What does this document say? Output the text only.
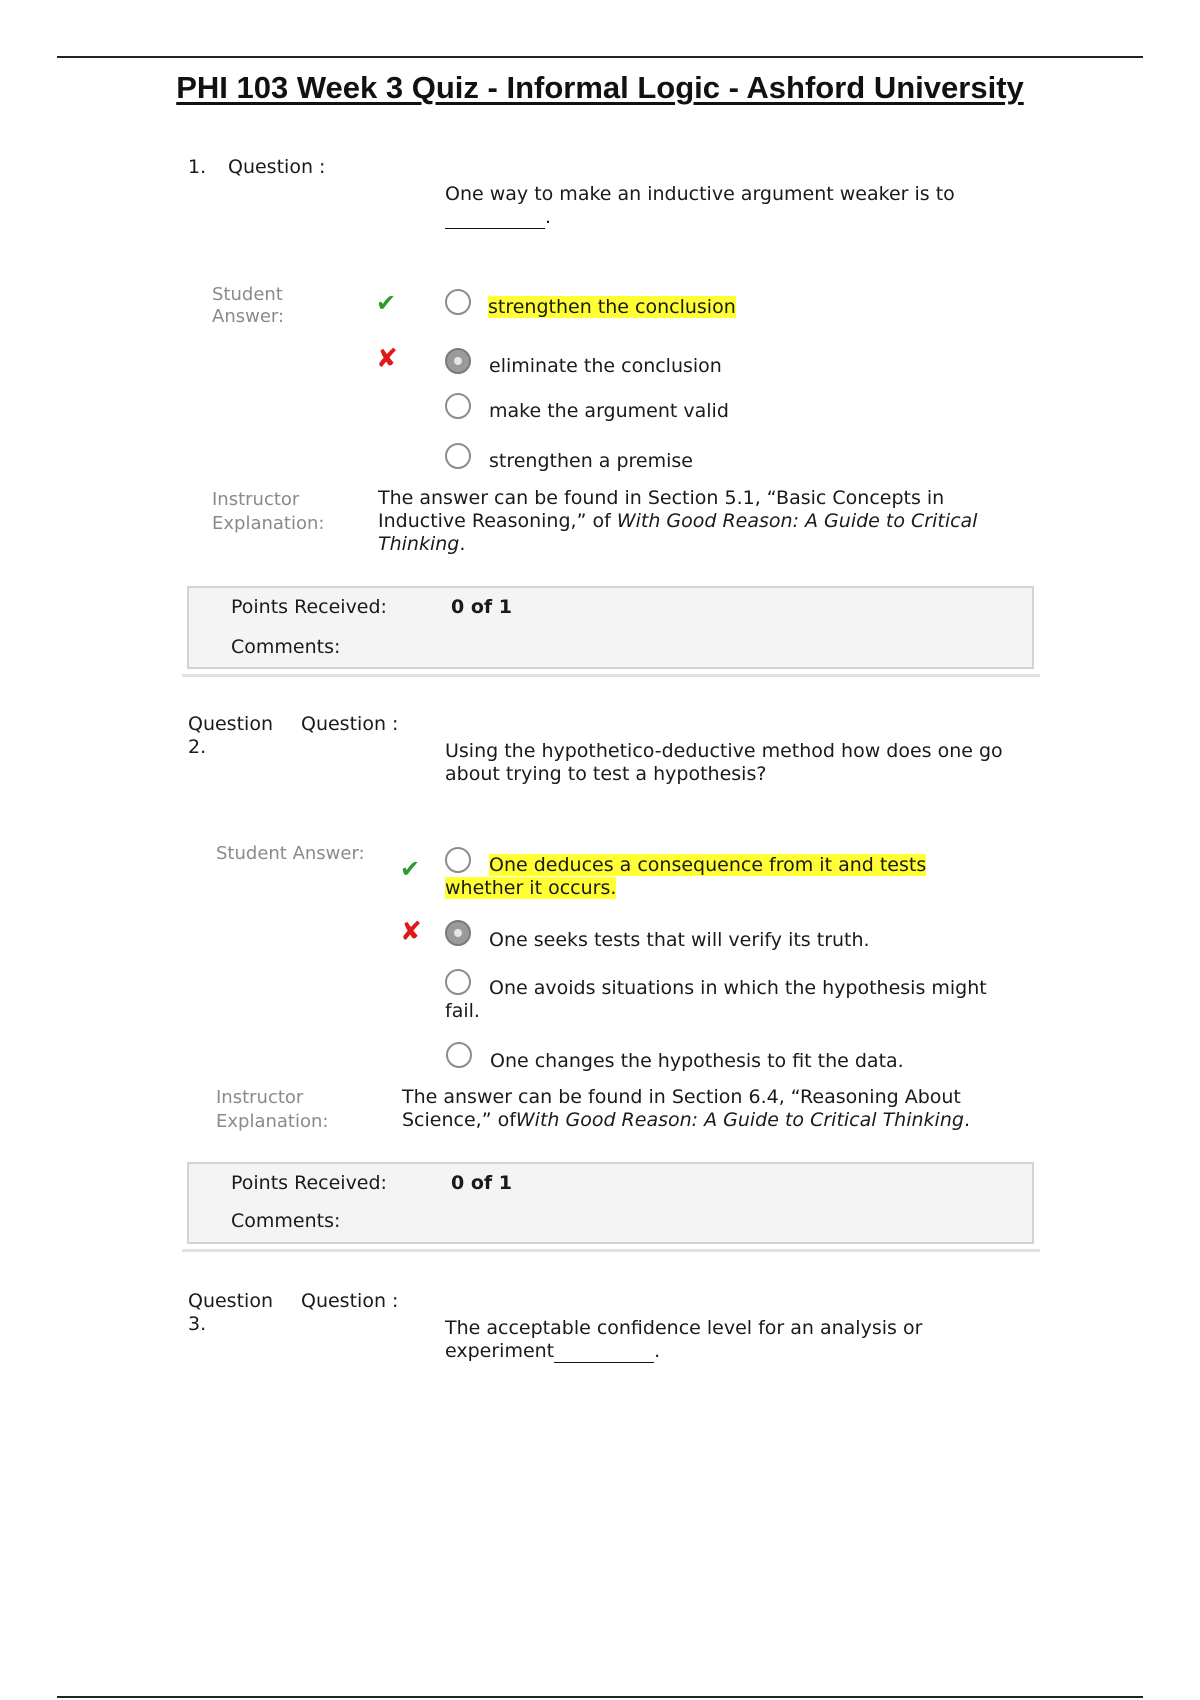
PHI 103 Week 3 Quiz - Informal Logic - Ashford University
1. Question :
One way to make an inductive argument weaker is to
.
Student Answer:	✔	strengthen the conclusion
✘	eliminate the conclusion
make the argument valid
strengthen a premise
Instructor Explanation:
The answer can be found in Section 5.1, “Basic Concepts in Inductive Reasoning,” of With Good Reason: A Guide to Critical Thinking.
Points Received:	0 of 1
Comments:
Question 2.
Question :
Using the hypothetico-deductive method how does one go about trying to test a hypothesis?
Student Answer:
✔	One deduces a consequence from it and tests whether it occurs.
✘	One seeks tests that will verify its truth.
One avoids situations in which the hypothesis might fail.
One changes the hypothesis to fit the data.
Instructor Explanation:
The answer can be found in Section 6.4, “Reasoning About Science,” ofWith Good Reason: A Guide to Critical Thinking.
Points Received:	0 of 1
Comments:
Question 3.
Question :
The acceptable confidence level for an analysis or experiment	.
